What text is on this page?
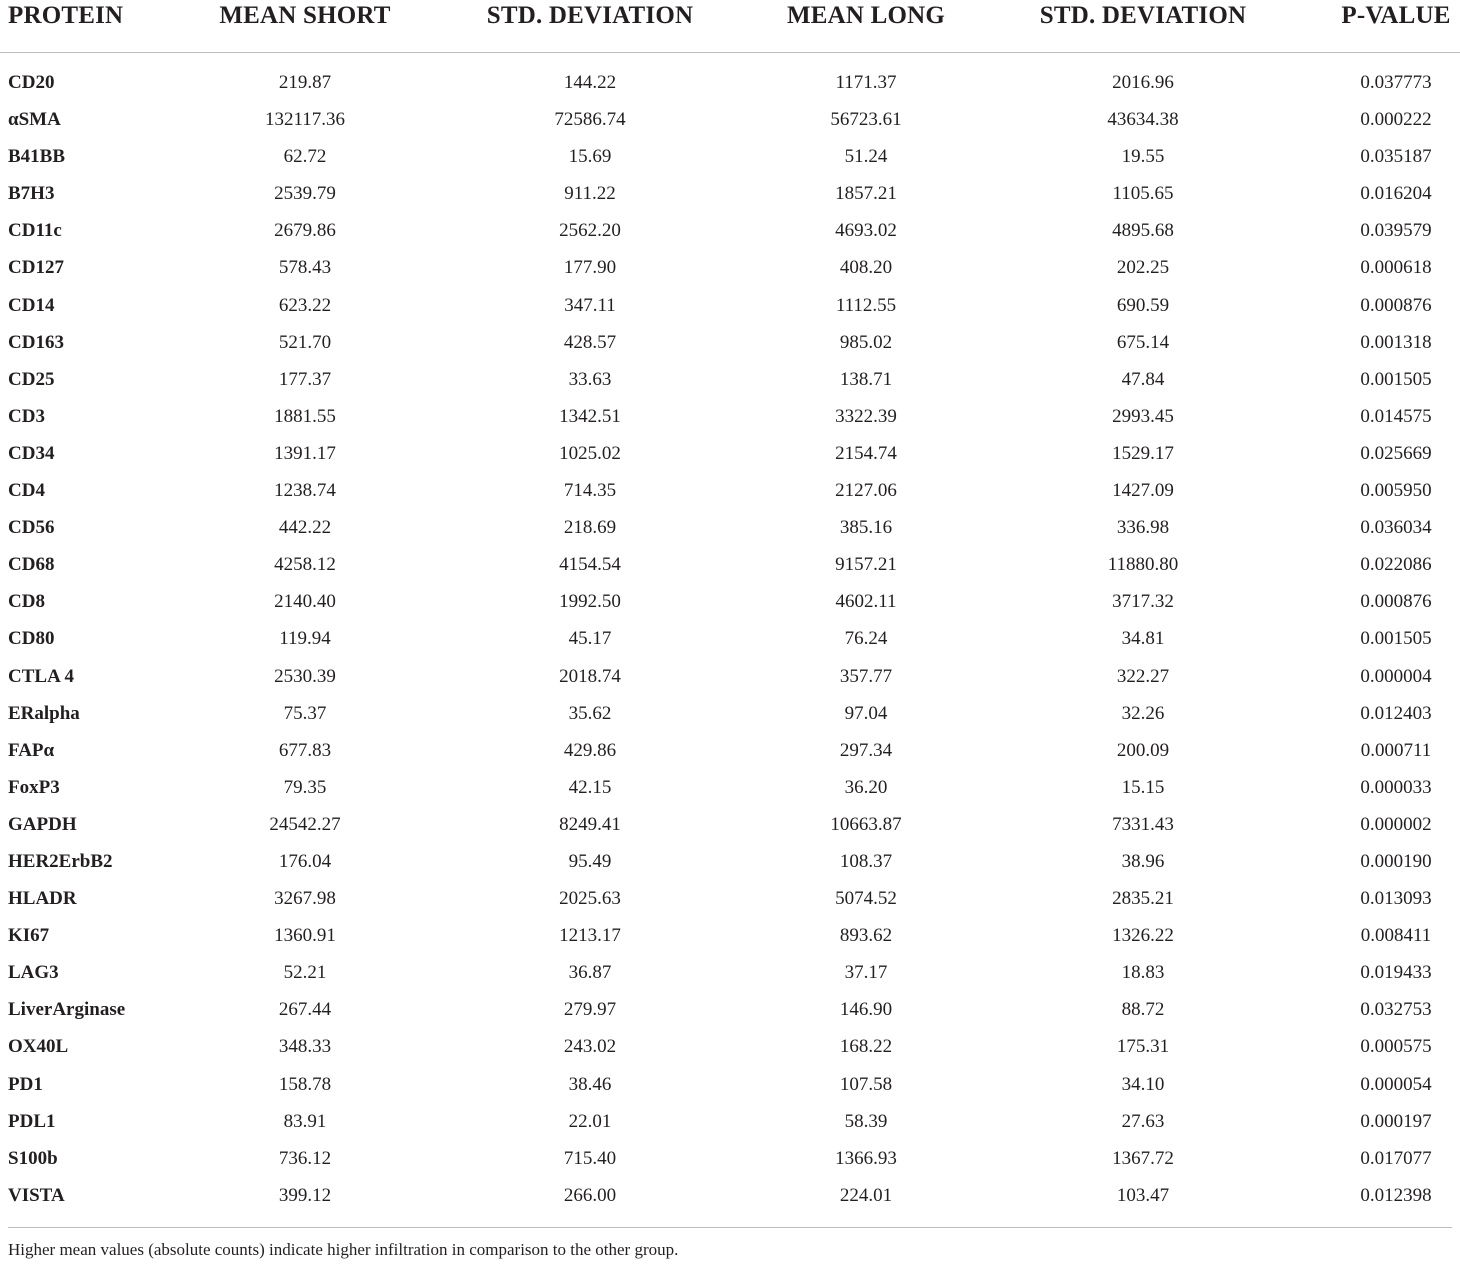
PROTEIN	MEAN SHORT	STD. DEVIATION	MEAN LONG	STD. DEVIATION	P-VALUE
CD20	219.87	144.22	1171.37	2016.96	0.037773
αSMA	132117.36	72586.74	56723.61	43634.38	0.000222
B41BB	62.72	15.69	51.24	19.55	0.035187
B7H3	2539.79	911.22	1857.21	1105.65	0.016204
CD11c	2679.86	2562.20	4693.02	4895.68	0.039579
CD127	578.43	177.90	408.20	202.25	0.000618
CD14	623.22	347.11	1112.55	690.59	0.000876
CD163	521.70	428.57	985.02	675.14	0.001318
CD25	177.37	33.63	138.71	47.84	0.001505
CD3	1881.55	1342.51	3322.39	2993.45	0.014575
CD34	1391.17	1025.02	2154.74	1529.17	0.025669
CD4	1238.74	714.35	2127.06	1427.09	0.005950
CD56	442.22	218.69	385.16	336.98	0.036034
CD68	4258.12	4154.54	9157.21	11880.80	0.022086
CD8	2140.40	1992.50	4602.11	3717.32	0.000876
CD80	119.94	45.17	76.24	34.81	0.001505
CTLA 4	2530.39	2018.74	357.77	322.27	0.000004
ERalpha	75.37	35.62	97.04	32.26	0.012403
FAPα	677.83	429.86	297.34	200.09	0.000711
FoxP3	79.35	42.15	36.20	15.15	0.000033
GAPDH	24542.27	8249.41	10663.87	7331.43	0.000002
HER2ErbB2	176.04	95.49	108.37	38.96	0.000190
HLADR	3267.98	2025.63	5074.52	2835.21	0.013093
KI67	1360.91	1213.17	893.62	1326.22	0.008411
LAG3	52.21	36.87	37.17	18.83	0.019433
LiverArginase	267.44	279.97	146.90	88.72	0.032753
OX40L	348.33	243.02	168.22	175.31	0.000575
PD1	158.78	38.46	107.58	34.10	0.000054
PDL1	83.91	22.01	58.39	27.63	0.000197
S100b	736.12	715.40	1366.93	1367.72	0.017077
VISTA	399.12	266.00	224.01	103.47	0.012398
Higher mean values (absolute counts) indicate higher infiltration in comparison to the other group.
